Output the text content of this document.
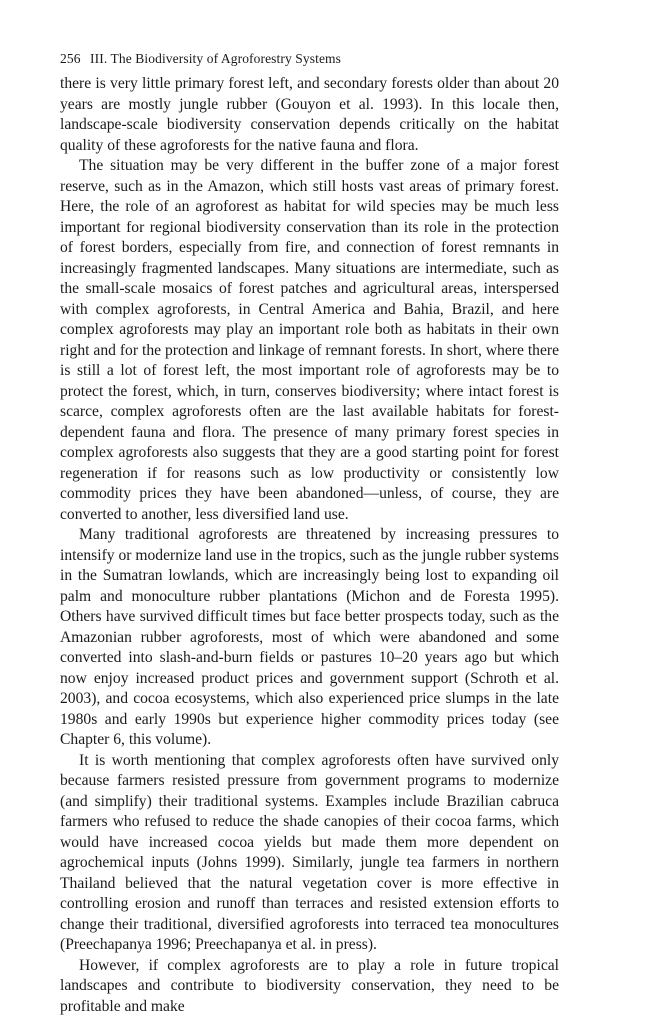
256 III. The Biodiversity of Agroforestry Systems

there is very little primary forest left, and secondary forests older than about 20 years are mostly jungle rubber (Gouyon et al. 1993). In this locale then, landscape-scale biodiversity conservation depends critically on the habitat quality of these agroforests for the native fauna and flora.

The situation may be very different in the buffer zone of a major forest reserve, such as in the Amazon, which still hosts vast areas of primary forest. Here, the role of an agroforest as habitat for wild species may be much less important for regional biodiversity conservation than its role in the protection of forest borders, especially from fire, and connection of forest remnants in increasingly fragmented landscapes. Many situations are intermediate, such as the small-scale mosaics of forest patches and agricultural areas, interspersed with complex agroforests, in Central America and Bahia, Brazil, and here complex agroforests may play an important role both as habitats in their own right and for the protection and linkage of remnant forests. In short, where there is still a lot of forest left, the most important role of agroforests may be to protect the forest, which, in turn, conserves biodiversity; where intact forest is scarce, complex agroforests often are the last available habitats for forest-dependent fauna and flora. The presence of many primary forest species in complex agroforests also suggests that they are a good starting point for forest regeneration if for reasons such as low productivity or consistently low commodity prices they have been abandoned—unless, of course, they are converted to another, less diversified land use.

Many traditional agroforests are threatened by increasing pressures to intensify or modernize land use in the tropics, such as the jungle rubber systems in the Sumatran lowlands, which are increasingly being lost to expanding oil palm and monoculture rubber plantations (Michon and de Foresta 1995). Others have survived difficult times but face better prospects today, such as the Amazonian rubber agroforests, most of which were abandoned and some converted into slash-and-burn fields or pastures 10–20 years ago but which now enjoy increased product prices and government support (Schroth et al. 2003), and cocoa ecosystems, which also experienced price slumps in the late 1980s and early 1990s but experience higher commodity prices today (see Chapter 6, this volume).

It is worth mentioning that complex agroforests often have survived only because farmers resisted pressure from government programs to modernize (and simplify) their traditional systems. Examples include Brazilian cabruca farmers who refused to reduce the shade canopies of their cocoa farms, which would have increased cocoa yields but made them more dependent on agrochemical inputs (Johns 1999). Similarly, jungle tea farmers in northern Thailand believed that the natural vegetation cover is more effective in controlling erosion and runoff than terraces and resisted extension efforts to change their traditional, diversified agroforests into terraced tea monocultures (Preechapanya 1996; Preechapanya et al. in press).

However, if complex agroforests are to play a role in future tropical landscapes and contribute to biodiversity conservation, they need to be profitable and make
